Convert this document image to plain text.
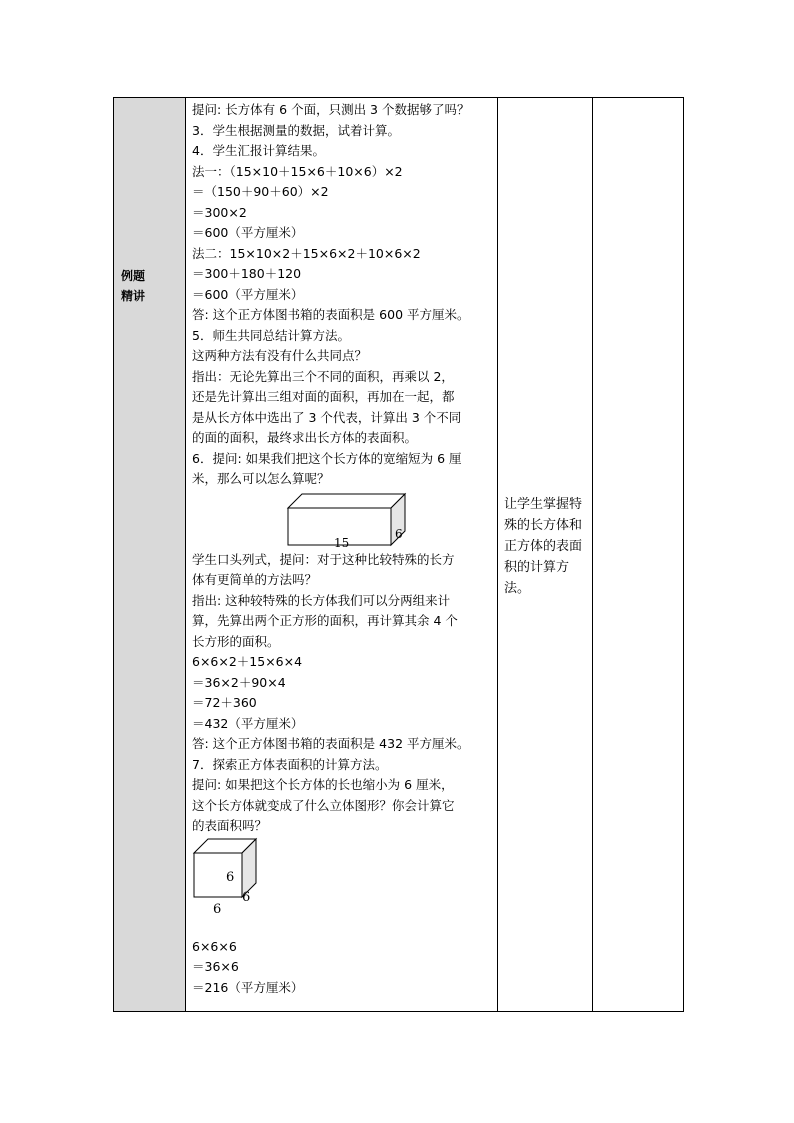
例题
精讲

提问: 长方体有 6 个面，只测出 3 个数据够了吗？
3．学生根据测量的数据，试着计算。
4．学生汇报计算结果。
法一：（15×10＋15×6＋10×6）×2
＝（150＋90＋60）×2
＝300×2
＝600（平方厘米）
法二：15×10×2＋15×6×2＋10×6×2
＝300＋180＋120
＝600（平方厘米）
答: 这个正方体图书箱的表面积是 600 平方厘米。
5．师生共同总结计算方法。
这两种方法有没有什么共同点？
指出：无论先算出三个不同的面积，再乘以 2，
还是先计算出三组对面的面积，再加在一起，都
是从长方体中选出了 3 个代表，计算出 3 个不同
的面的面积，最终求出长方体的表面积。
6．提问: 如果我们把这个长方体的宽缩短为 6 厘
米，那么可以怎么算呢？
15
6
学生口头列式，提问：对于这种比较特殊的长方
体有更简单的方法吗？
指出: 这种较特殊的长方体我们可以分两组来计
算，先算出两个正方形的面积，再计算其余 4 个
长方形的面积。
6×6×2＋15×6×4
＝36×2＋90×4
＝72＋360
＝432（平方厘米）
答: 这个正方体图书箱的表面积是 432 平方厘米。
7．探索正方体表面积的计算方法。
提问: 如果把这个长方体的长也缩小为 6 厘米，
这个长方体就变成了什么立体图形？你会计算它
的表面积吗？
6
6
6
6×6×6
＝36×6
＝216（平方厘米）

让学生掌握特殊的长方体和正方体的表面积的计算方法。
